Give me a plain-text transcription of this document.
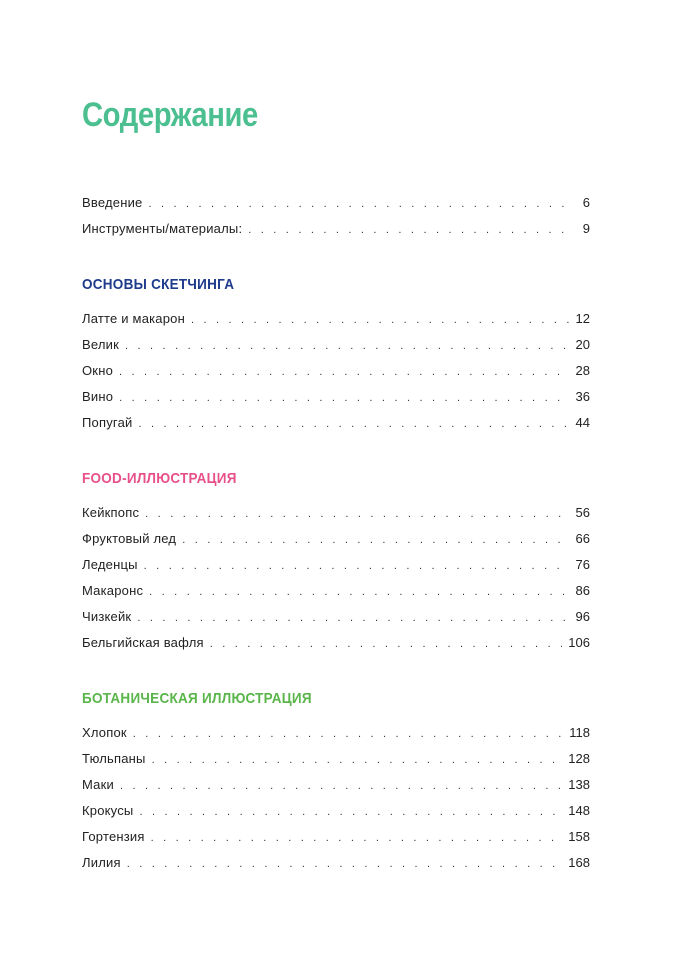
Содержание
Введение . . .	6
Инструменты/материалы: . . .	9
ОСНОВЫ СКЕТЧИНГА
Латте и макарон . . .	12
Велик . . .	20
Окно . . .	28
Вино . . .	36
Попугай . . .	44
FOOD-ИЛЛЮСТРАЦИЯ
Кейкпопс . . .	56
Фруктовый лед . . .	66
Леденцы . . .	76
Макаронс . . .	86
Чизкейк . . .	96
Бельгийская вафля . . .	106
БОТАНИЧЕСКАЯ ИЛЛЮСТРАЦИЯ
Хлопок . . .	118
Тюльпаны . . .	128
Маки . . .	138
Крокусы . . .	148
Гортензия . . .	158
Лилия . . .	168
